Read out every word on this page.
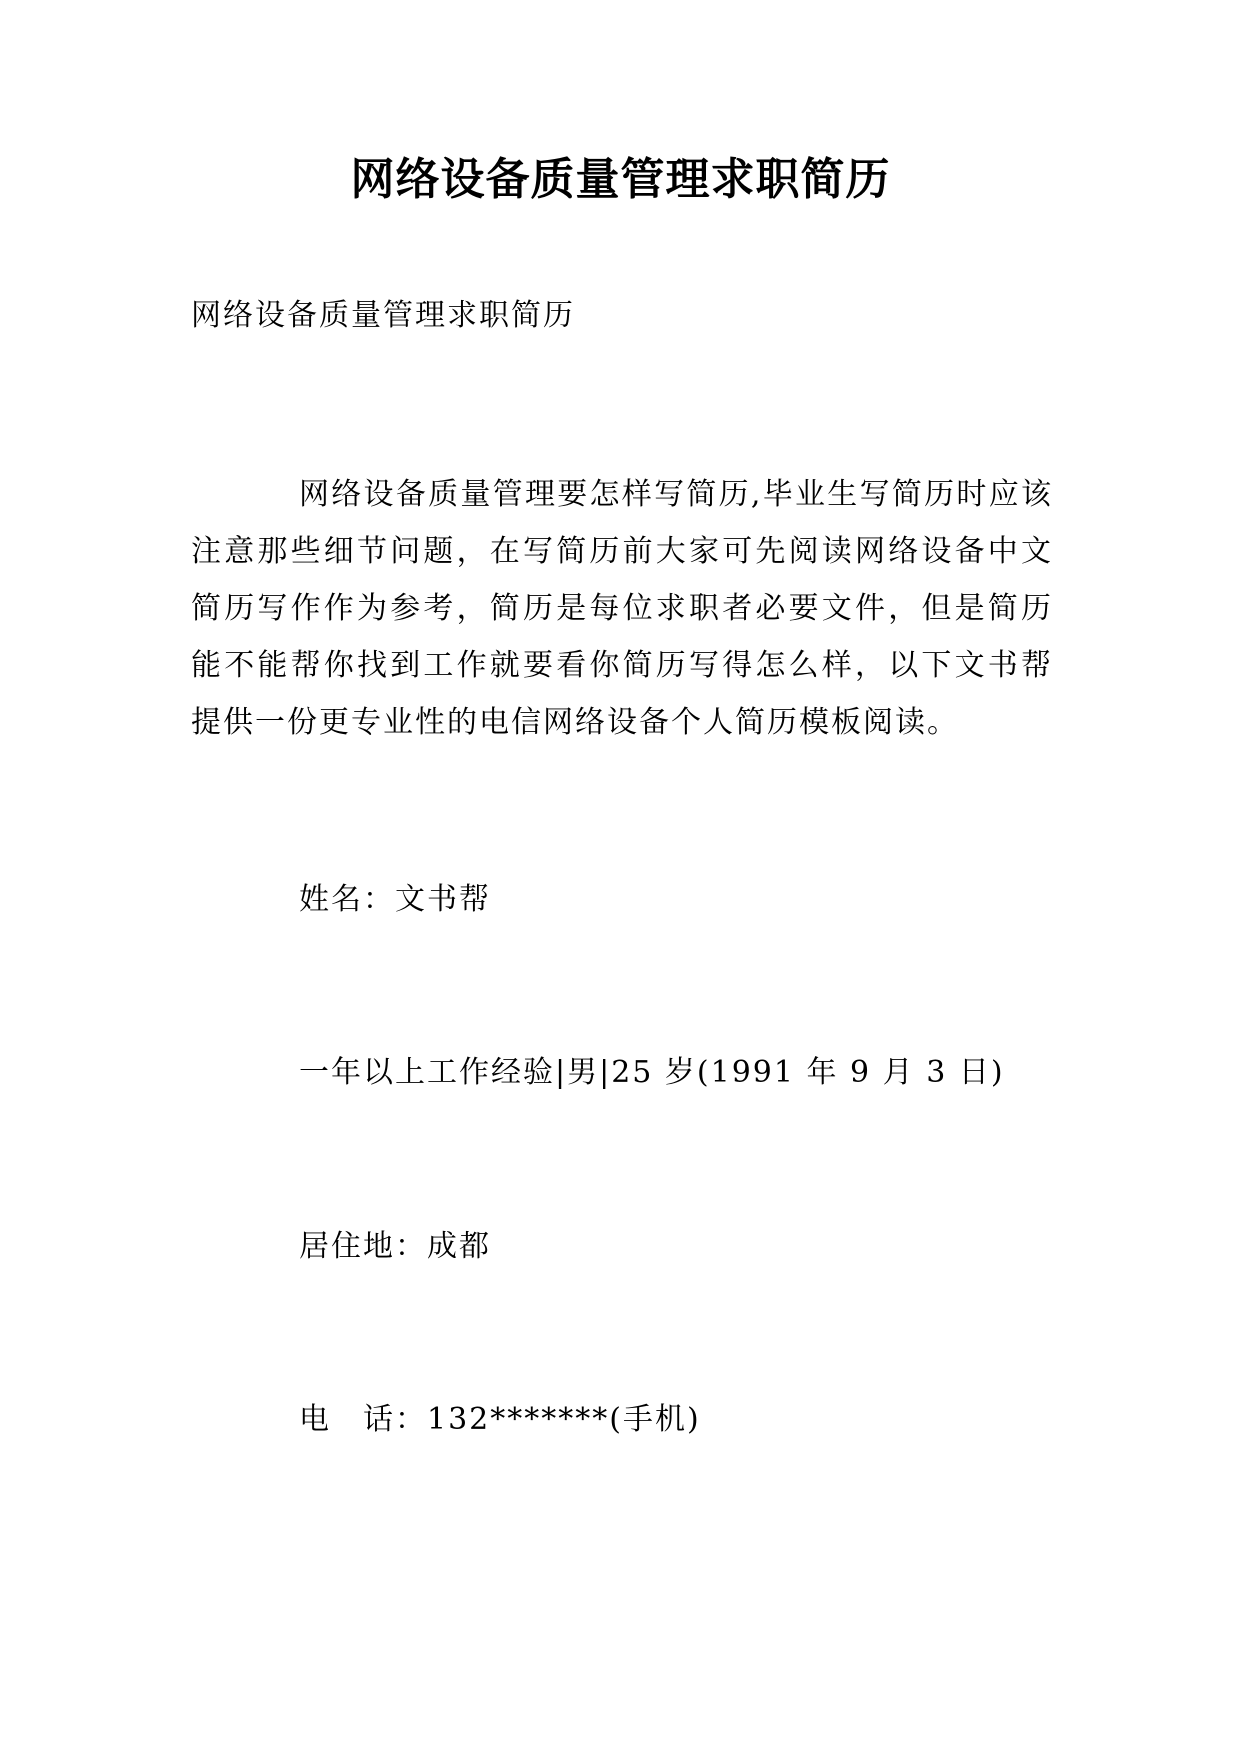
网络设备质量管理求职简历
网络设备质量管理求职简历
网络设备质量管理要怎样写简历,毕业生写简历时应该注意那些细节问题，在写简历前大家可先阅读网络设备中文简历写作作为参考，简历是每位求职者必要文件，但是简历能不能帮你找到工作就要看你简历写得怎么样，以下文书帮提供一份更专业性的电信网络设备个人简历模板阅读。
姓名：文书帮
一年以上工作经验|男|25 岁(1991 年 9 月 3 日)
居住地：成都
电　话：132*******(手机)
